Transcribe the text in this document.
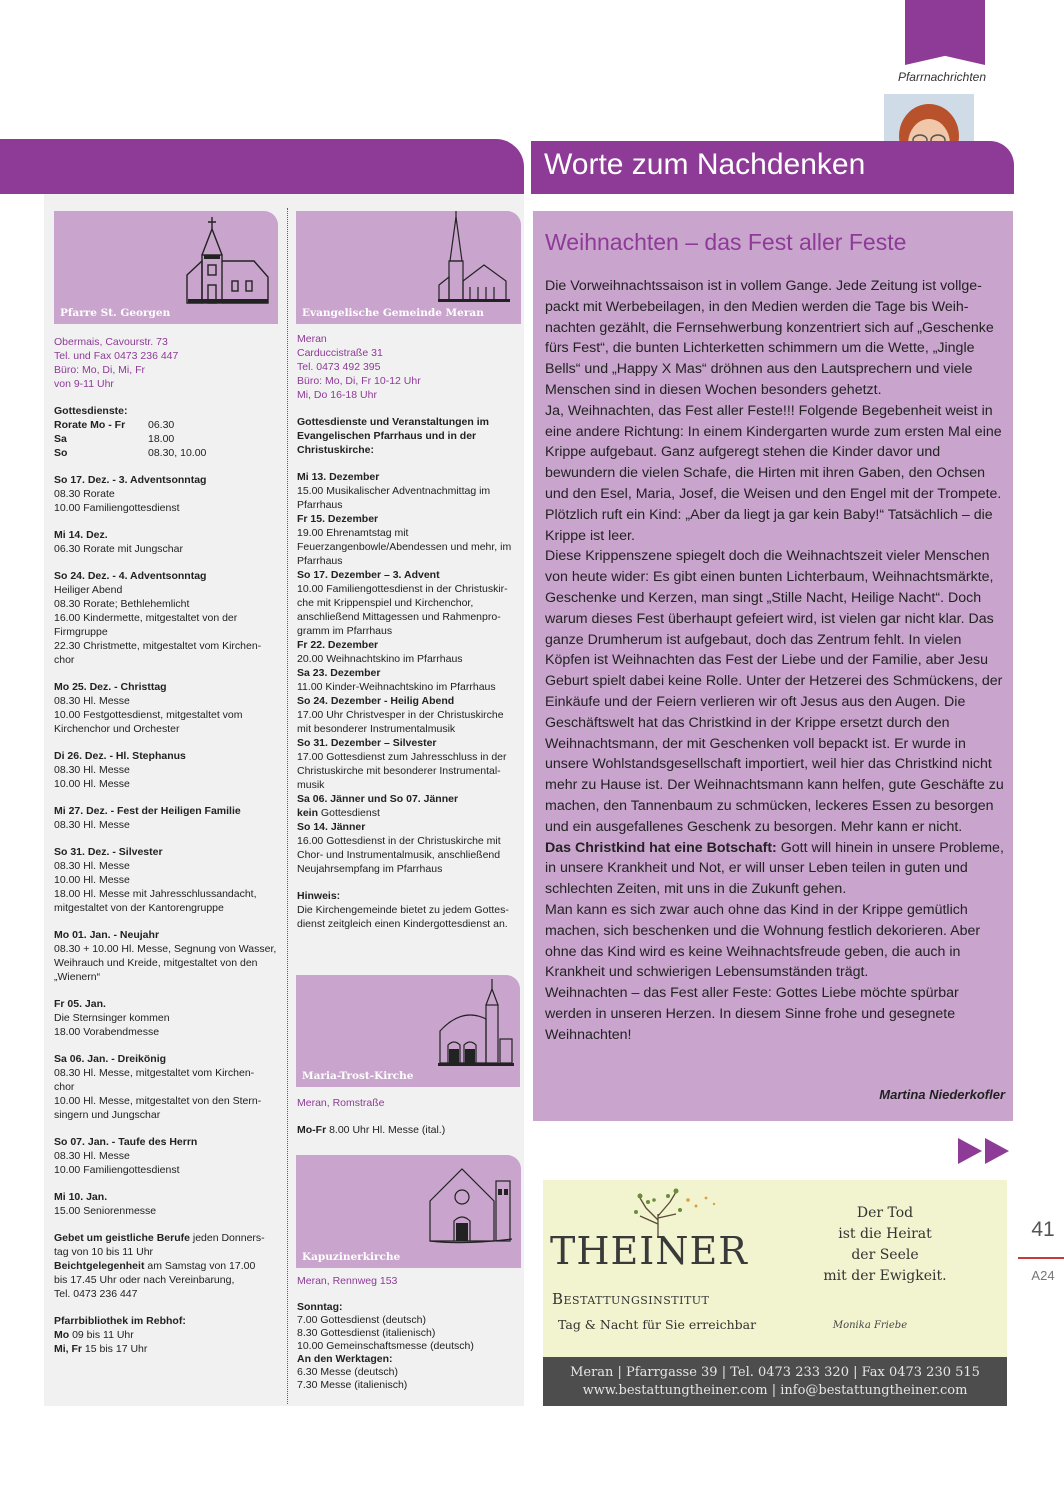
Pfarrnachrichten
Worte zum Nachdenken
Pfarre St. Georgen
Obermais, Cavourstr. 73
Tel. und Fax 0473 236 447
Büro: Mo, Di, Mi, Fr
von 9-11 Uhr
Gottesdienste:
Rorate Mo - Fr	06.30
Sa	18.00
So	08.30, 10.00
So 17. Dez. - 3. Adventsonntag
08.30 Rorate
10.00 Familiengottesdienst
Mi 14. Dez.
06.30 Rorate mit Jungschar
So 24. Dez. - 4. Adventsonntag
Heiliger Abend
08.30 Rorate; Bethlehemlicht
16.00 Kindermette, mitgestaltet von der
Firmgruppe
22.30 Christmette, mitgestaltet vom Kirchen-
chor
Mo 25. Dez. - Christtag
08.30 Hl. Messe
10.00 Festgottesdienst, mitgestaltet vom
Kirchenchor und Orchester
Di 26. Dez. - Hl. Stephanus
08.30 Hl. Messe
10.00 Hl. Messe
Mi 27. Dez. - Fest der Heiligen Familie
08.30 Hl. Messe
So 31. Dez. - Silvester
08.30 Hl. Messe
10.00 Hl. Messe
18.00 Hl. Messe mit Jahresschlussandacht,
mitgestaltet von der Kantorengruppe
Mo 01. Jan. - Neujahr
08.30 + 10.00 Hl. Messe, Segnung von Wasser,
Weihrauch und Kreide, mitgestaltet von den
„Wienern“
Fr 05. Jan.
Die Sternsinger kommen
18.00 Vorabendmesse
Sa 06. Jan. - Dreikönig
08.30 Hl. Messe, mitgestaltet vom Kirchen-
chor
10.00 Hl. Messe, mitgestaltet von den Stern-
singern und Jungschar
So 07. Jan. - Taufe des Herrn
08.30 Hl. Messe
10.00 Familiengottesdienst
Mi 10. Jan.
15.00 Seniorenmesse
Gebet um geistliche Berufe jeden Donners-
tag von 10 bis 11 Uhr
Beichtgelegenheit am Samstag von 17.00
bis 17.45 Uhr oder nach Vereinbarung,
Tel. 0473 236 447
Pfarrbibliothek im Rebhof:
Mo 09 bis 11 Uhr
Mi, Fr 15 bis 17 Uhr
Evangelische Gemeinde Meran
Meran
Carduccistraße 31
Tel. 0473 492 395
Büro: Mo, Di, Fr 10-12 Uhr
Mi, Do 16-18 Uhr
Gottesdienste und Veranstaltungen im
Evangelischen Pfarrhaus und in der
Christuskirche:
Mi 13. Dezember
15.00 Musikalischer Adventnachmittag im
Pfarrhaus
Fr 15. Dezember
19.00 Ehrenamtstag mit
Feuerzangenbowle/Abendessen und mehr, im
Pfarrhaus
So 17. Dezember – 3. Advent
10.00 Familiengottesdienst in der Christuskir-
che mit Krippenspiel und Kirchenchor,
anschließend Mittagessen und Rahmenpro-
gramm im Pfarrhaus
Fr 22. Dezember
20.00 Weihnachtskino im Pfarrhaus
Sa 23. Dezember
11.00 Kinder-Weihnachtskino im Pfarrhaus
So 24. Dezember - Heilig Abend
17.00 Uhr Christvesper in der Christuskirche
mit besonderer Instrumentalmusik
So 31. Dezember – Silvester
17.00 Gottesdienst zum Jahresschluss in der
Christuskirche mit besonderer Instrumental-
musik
Sa 06. Jänner und So 07. Jänner
kein Gottesdienst
So 14. Jänner
16.00 Gottesdienst in der Christuskirche mit
Chor- und Instrumentalmusik, anschließend
Neujahrsempfang im Pfarrhaus
Hinweis:
Die Kirchengemeinde bietet zu jedem Gottes-
dienst zeitgleich einen Kindergottesdienst an.
Maria-Trost-Kirche
Meran, Romstraße
Mo-Fr 8.00 Uhr Hl. Messe (ital.)
Kapuzinerkirche
Meran, Rennweg 153
Sonntag:
7.00 Gottesdienst (deutsch)
8.30 Gottesdienst (italienisch)
10.00 Gemeinschaftsmesse (deutsch)
An den Werktagen:
6.30 Messe (deutsch)
7.30 Messe (italienisch)
Weihnachten – das Fest aller Feste
Die Vorweihnachtssaison ist in vollem Gange. Jede Zeitung ist vollgepackt mit Werbebeilagen, in den Medien werden die Tage bis Weihnachten gezählt, die Fernsehwerbung konzentriert sich auf „Geschenke fürs Fest“, die bunten Lichterketten schimmern um die Wette, „Jingle Bells“ und „Happy X Mas“ dröhnen aus den Lautsprechern und viele Menschen sind in diesen Wochen besonders gehetzt.
Ja, Weihnachten, das Fest aller Feste!!! Folgende Begebenheit weist in eine andere Richtung: In einem Kindergarten wurde zum ersten Mal eine Krippe aufgebaut. Ganz aufgeregt stehen die Kinder davor und bewundern die vielen Schafe, die Hirten mit ihren Gaben, den Ochsen und den Esel, Maria, Josef, die Weisen und den Engel mit der Trompete. Plötzlich ruft ein Kind: „Aber da liegt ja gar kein Baby!“ Tatsächlich – die Krippe ist leer.
Diese Krippenszene spiegelt doch die Weihnachtszeit vieler Menschen von heute wider: Es gibt einen bunten Lichterbaum, Weihnachtsmärkte, Geschenke und Kerzen, man singt „Stille Nacht, Heilige Nacht“. Doch warum dieses Fest überhaupt gefeiert wird, ist vielen gar nicht klar. Das ganze Drumherum ist aufgebaut, doch das Zentrum fehlt. In vielen Köpfen ist Weihnachten das Fest der Liebe und der Familie, aber Jesu Geburt spielt dabei keine Rolle. Unter der Hetzerei des Schmückens, der Einkäufe und der Feiern verlieren wir oft Jesus aus den Augen. Die Geschäftswelt hat das Christkind in der Krippe ersetzt durch den Weihnachtsmann, der mit Geschenken voll bepackt ist. Er wurde in unsere Wohlstandsgesellschaft importiert, weil hier das Christkind nicht mehr zu Hause ist. Der Weihnachtsmann kann helfen, gute Geschäfte zu machen, den Tannenbaum zu schmücken, leckeres Essen zu besorgen und ein ausgefallenes Geschenk zu besorgen. Mehr kann er nicht.
Das Christkind hat eine Botschaft: Gott will hinein in unsere Probleme, in unsere Krankheit und Not, er will unser Leben teilen in guten und schlechten Zeiten, mit uns in die Zukunft gehen.
Man kann es sich zwar auch ohne das Kind in der Krippe gemütlich machen, sich beschenken und die Wohnung festlich dekorieren. Aber ohne das Kind wird es keine Weihnachtsfreude geben, die auch in Krankheit und schwierigen Lebensumständen trägt.
Weihnachten – das Fest aller Feste: Gottes Liebe möchte spürbar werden in unseren Herzen. In diesem Sinne frohe und gesegnete Weihnachten!
Martina Niederkofler
THEINER
Bestattungsinstitut
Tag & Nacht für Sie erreichbar
Der Tod
ist die Heirat
der Seele
mit der Ewigkeit.
Monika Friebe
Meran | Pfarrgasse 39 | Tel. 0473 233 320 | Fax 0473 230 515
www.bestattungtheiner.com | info@bestattungtheiner.com
41
A24
